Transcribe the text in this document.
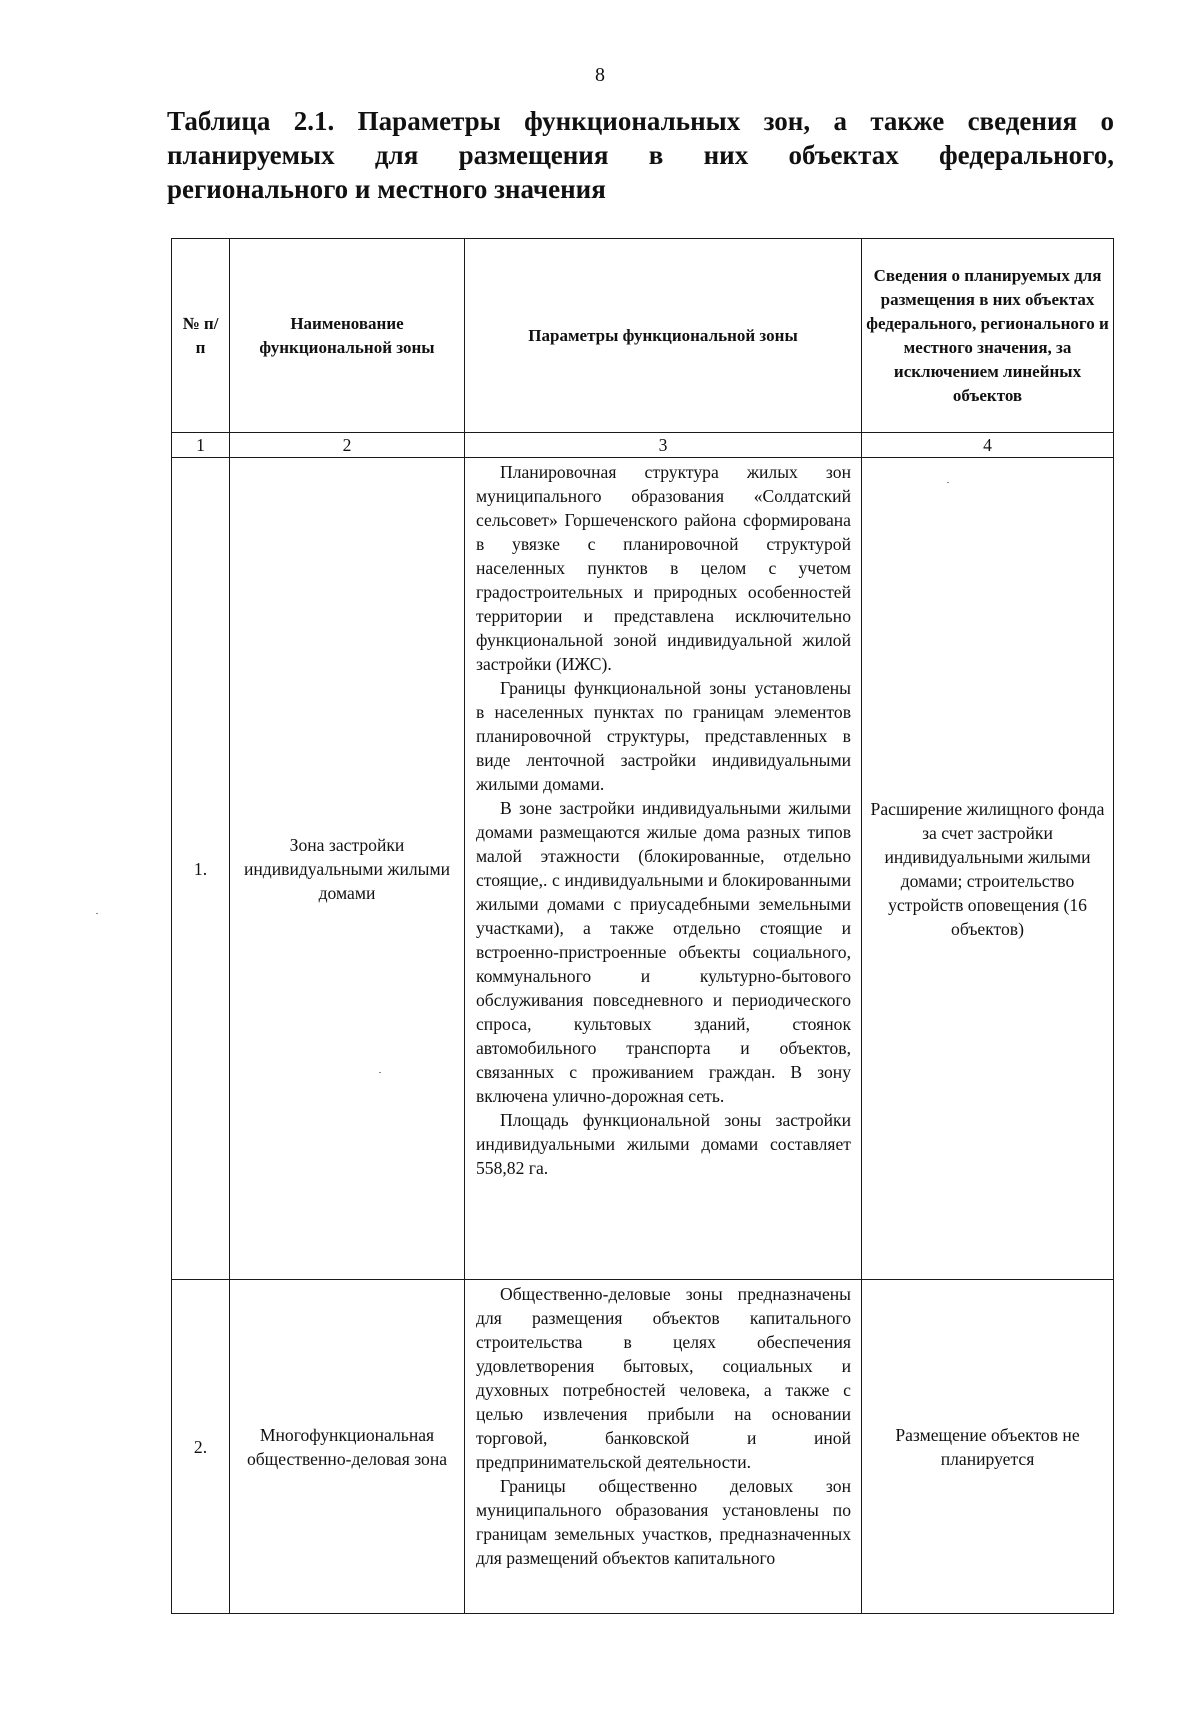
8
Таблица 2.1. Параметры функциональных зон, а также сведения о
планируемых для размещения в них объектах федерального,
регионального и местного значения
№ п/п	Наименование функциональной зоны	Параметры функциональной зоны	Сведения о планируемых для размещения в них объектах федерального, регионального и местного значения, за исключением линейных объектов
1	2	3	4
1.	Зона застройки индивидуальными жилыми домами	Планировочная структура жилых зон муниципального образования «Солдатский сельсовет» Горшеченского района сформирована в увязке с планировочной структурой населенных пунктов в целом с учетом градостроительных и природных особенностей территории и представлена исключительно функциональной зоной индивидуальной жилой застройки (ИЖС).

Границы функциональной зоны установлены в населенных пунктах по границам элементов планировочной структуры, представленных в виде ленточной застройки индивидуальными жилыми домами.

В зоне застройки индивидуальными жилыми домами размещаются жилые дома разных типов малой этажности (блокированные, отдельно стоящие,. с индивидуальными и блокированными жилыми домами с приусадебными земельными участками), а также отдельно стоящие и встроенно-пристроенные объекты социального, коммунального и культурно-бытового обслуживания повседневного и периодического спроса, культовых зданий, стоянок автомобильного транспорта и объектов, связанных с проживанием граждан. В зону включена улично-дорожная сеть.

Площадь функциональной зоны застройки индивидуальными жилыми домами составляет 558,82 га.	Расширение жилищного фонда за счет застройки индивидуальными жилыми домами; строительство устройств оповещения (16 объектов)
2.	Многофункциональная общественно-деловая зона	Общественно-деловые зоны предназначены для размещения объектов капитального строительства в целях обеспечения удовлетворения бытовых, социальных и духовных потребностей человека, а также с целью извлечения прибыли на основании торговой, банковской и иной предпринимательской деятельности.

Границы общественно деловых зон муниципального образования установлены по границам земельных участков, предназначенных для размещений объектов капитального	Размещение объектов не планируется
